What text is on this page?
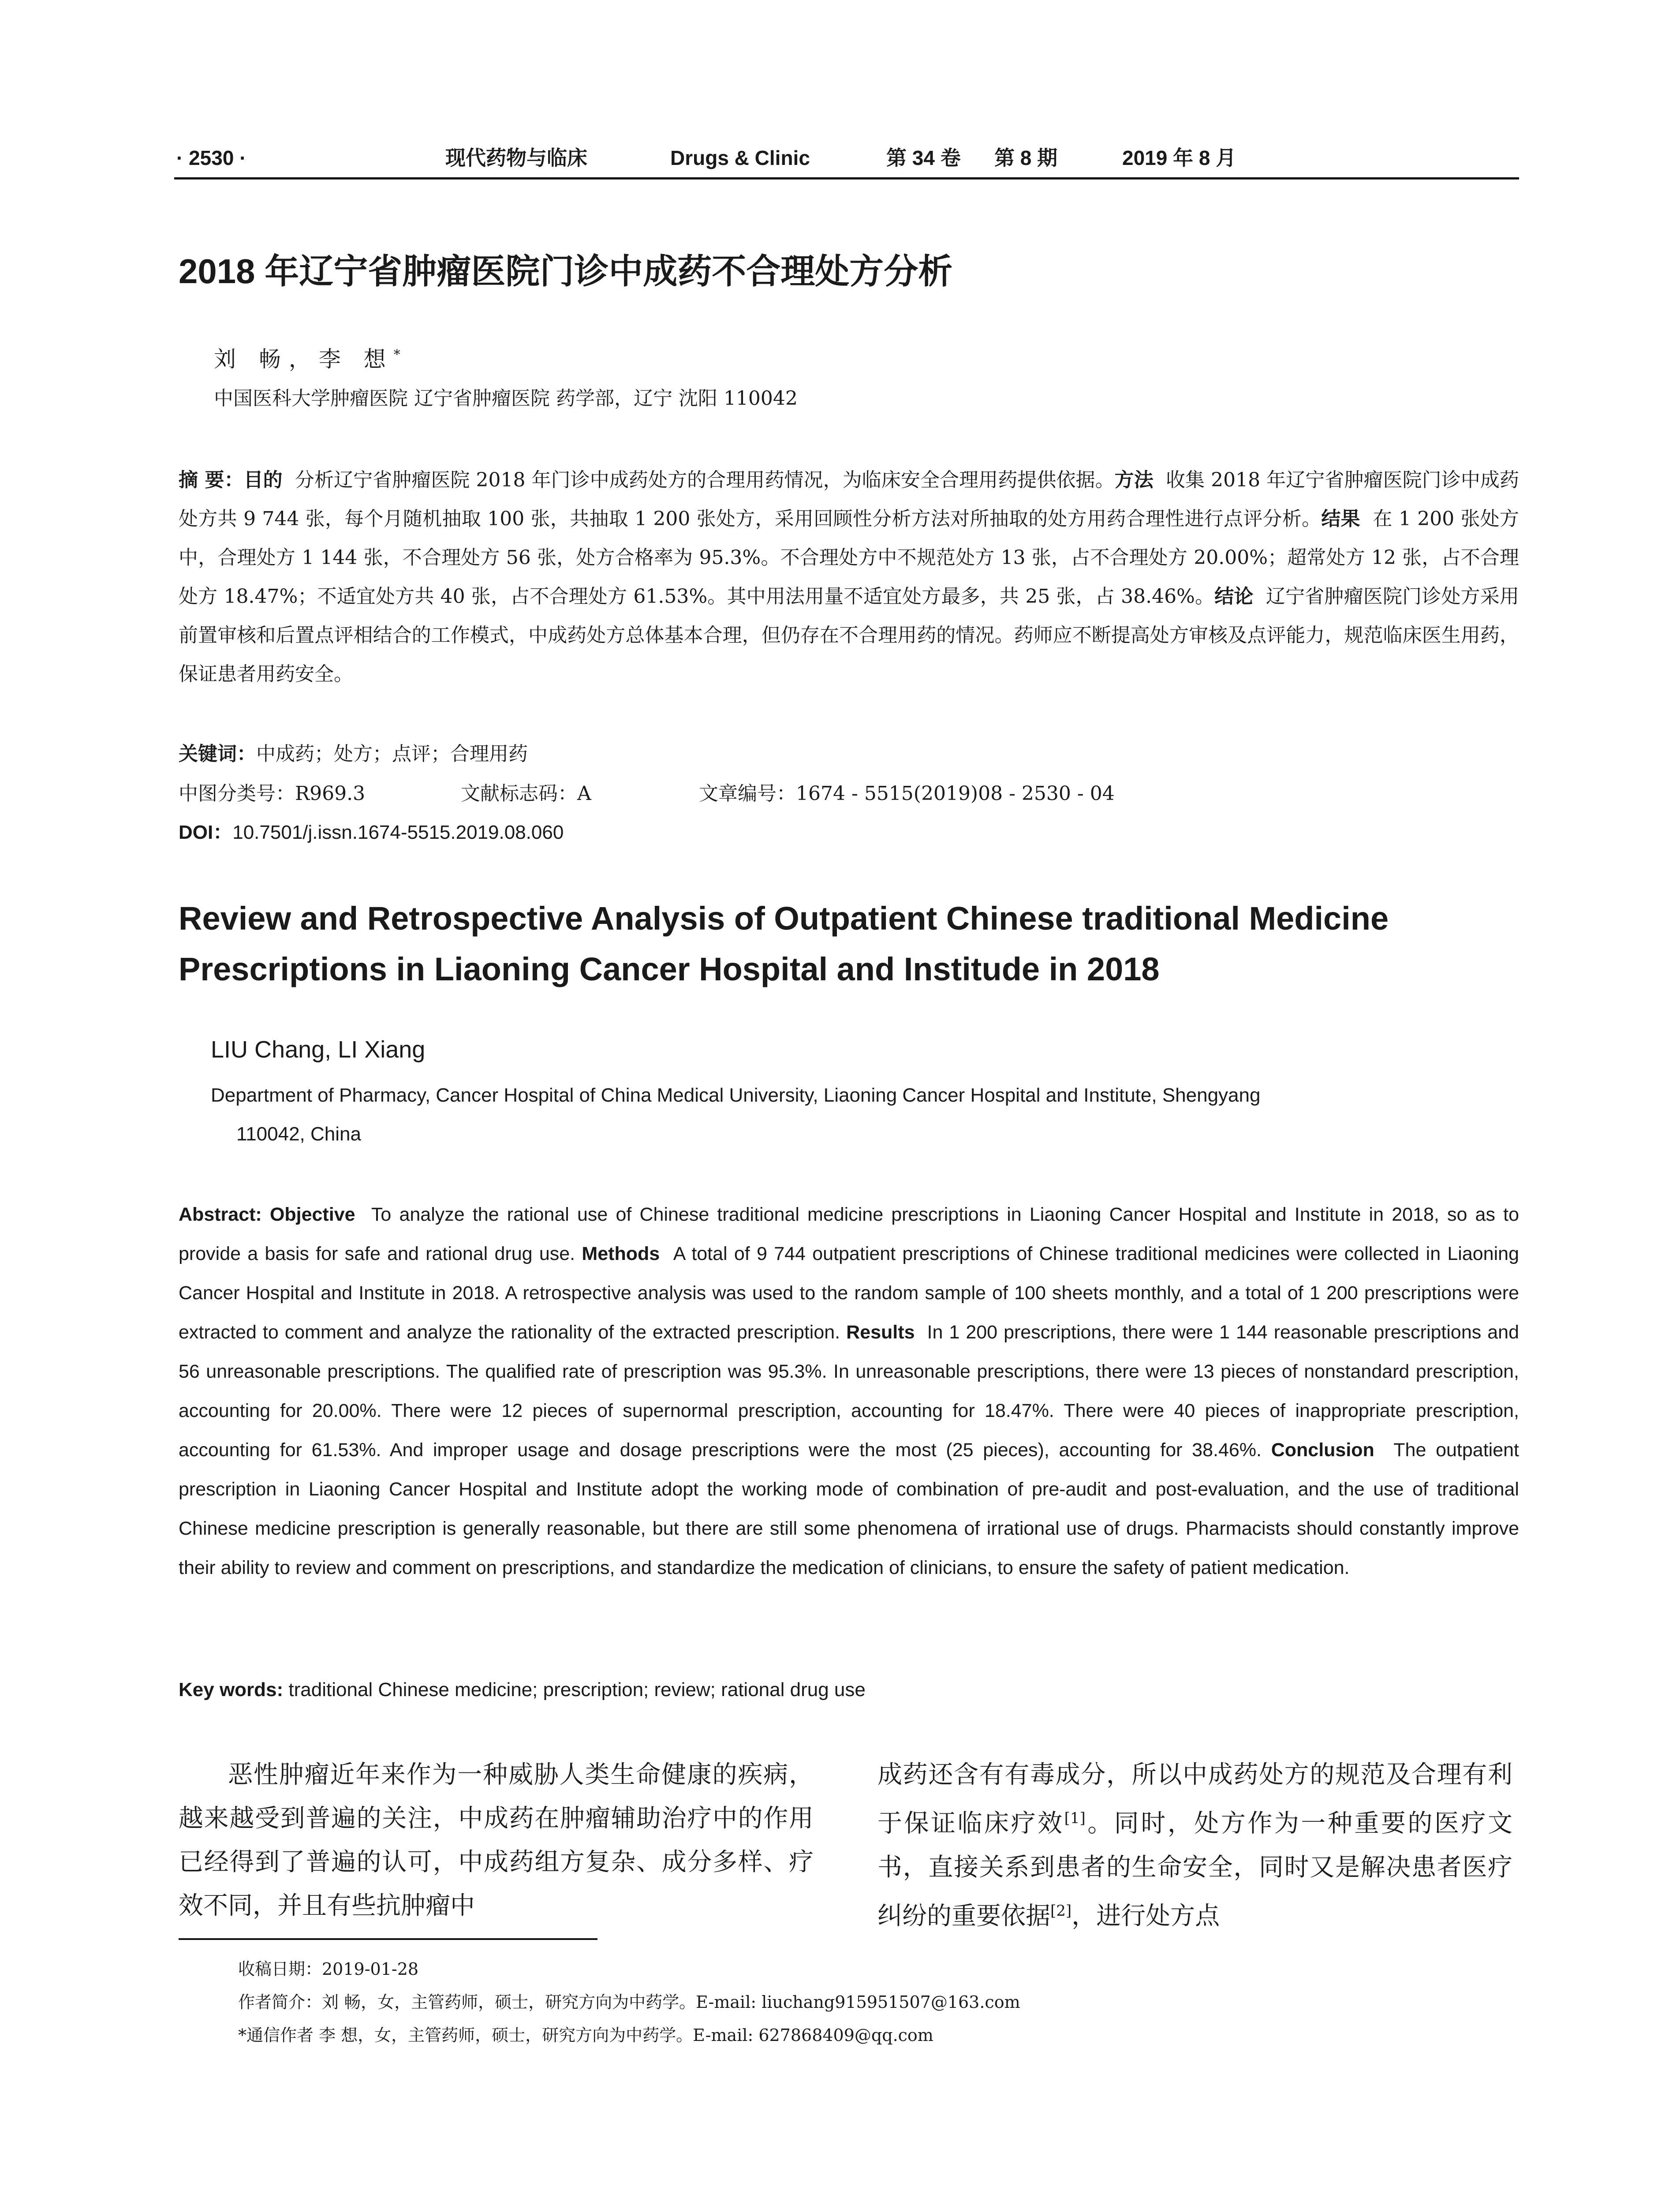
· 2530 ·	现代药物与临床	Drugs & Clinic	第 34 卷 第 8 期	2019 年 8 月
2018 年辽宁省肿瘤医院门诊中成药不合理处方分析
刘 畅，李 想*
中国医科大学肿瘤医院 辽宁省肿瘤医院 药学部，辽宁 沈阳 110042
摘 要：目的 分析辽宁省肿瘤医院 2018 年门诊中成药处方的合理用药情况，为临床安全合理用药提供依据。方法 收集 2018 年辽宁省肿瘤医院门诊中成药处方共 9 744 张，每个月随机抽取 100 张，共抽取 1 200 张处方，采用回顾性分析方法对所抽取的处方用药合理性进行点评分析。结果 在 1 200 张处方中，合理处方 1 144 张，不合理处方 56 张，处方合格率为 95.3%。不合理处方中不规范处方 13 张，占不合理处方 20.00%；超常处方 12 张，占不合理处方 18.47%；不适宜处方共 40 张，占不合理处方 61.53%。其中用法用量不适宜处方最多，共 25 张，占 38.46%。结论 辽宁省肿瘤医院门诊处方采用前置审核和后置点评相结合的工作模式，中成药处方总体基本合理，但仍存在不合理用药的情况。药师应不断提高处方审核及点评能力，规范临床医生用药，保证患者用药安全。
关键词：中成药；处方；点评；合理用药
中图分类号：R969.3	文献标志码：A	文章编号：1674 - 5515(2019)08 - 2530 - 04
DOI：10.7501/j.issn.1674-5515.2019.08.060
Review and Retrospective Analysis of Outpatient Chinese traditional Medicine Prescriptions in Liaoning Cancer Hospital and Institude in 2018
LIU Chang, LI Xiang
Department of Pharmacy, Cancer Hospital of China Medical University, Liaoning Cancer Hospital and Institute, Shengyang
110042, China
Abstract: Objective To analyze the rational use of Chinese traditional medicine prescriptions in Liaoning Cancer Hospital and Institute in 2018, so as to provide a basis for safe and rational drug use. Methods A total of 9 744 outpatient prescriptions of Chinese traditional medicines were collected in Liaoning Cancer Hospital and Institute in 2018. A retrospective analysis was used to the random sample of 100 sheets monthly, and a total of 1 200 prescriptions were extracted to comment and analyze the rationality of the extracted prescription. Results In 1 200 prescriptions, there were 1 144 reasonable prescriptions and 56 unreasonable prescriptions. The qualified rate of prescription was 95.3%. In unreasonable prescriptions, there were 13 pieces of nonstandard prescription, accounting for 20.00%. There were 12 pieces of supernormal prescription, accounting for 18.47%. There were 40 pieces of inappropriate prescription, accounting for 61.53%. And improper usage and dosage prescriptions were the most (25 pieces), accounting for 38.46%. Conclusion The outpatient prescription in Liaoning Cancer Hospital and Institute adopt the working mode of combination of pre-audit and post-evaluation, and the use of traditional Chinese medicine prescription is generally reasonable, but there are still some phenomena of irrational use of drugs. Pharmacists should constantly improve their ability to review and comment on prescriptions, and standardize the medication of clinicians, to ensure the safety of patient medication.
Key words: traditional Chinese medicine; prescription; review; rational drug use
恶性肿瘤近年来作为一种威胁人类生命健康的疾病，越来越受到普遍的关注，中成药在肿瘤辅助治疗中的作用已经得到了普遍的认可，中成药组方复杂、成分多样、疗效不同，并且有些抗肿瘤中
成药还含有有毒成分，所以中成药处方的规范及合理有利于保证临床疗效[1]。同时，处方作为一种重要的医疗文书，直接关系到患者的生命安全，同时又是解决患者医疗纠纷的重要依据[2]，进行处方点
收稿日期：2019-01-28
作者简介：刘 畅，女，主管药师，硕士，研究方向为中药学。E-mail: liuchang915951507@163.com
*通信作者 李 想，女，主管药师，硕士，研究方向为中药学。E-mail: 627868409@qq.com
